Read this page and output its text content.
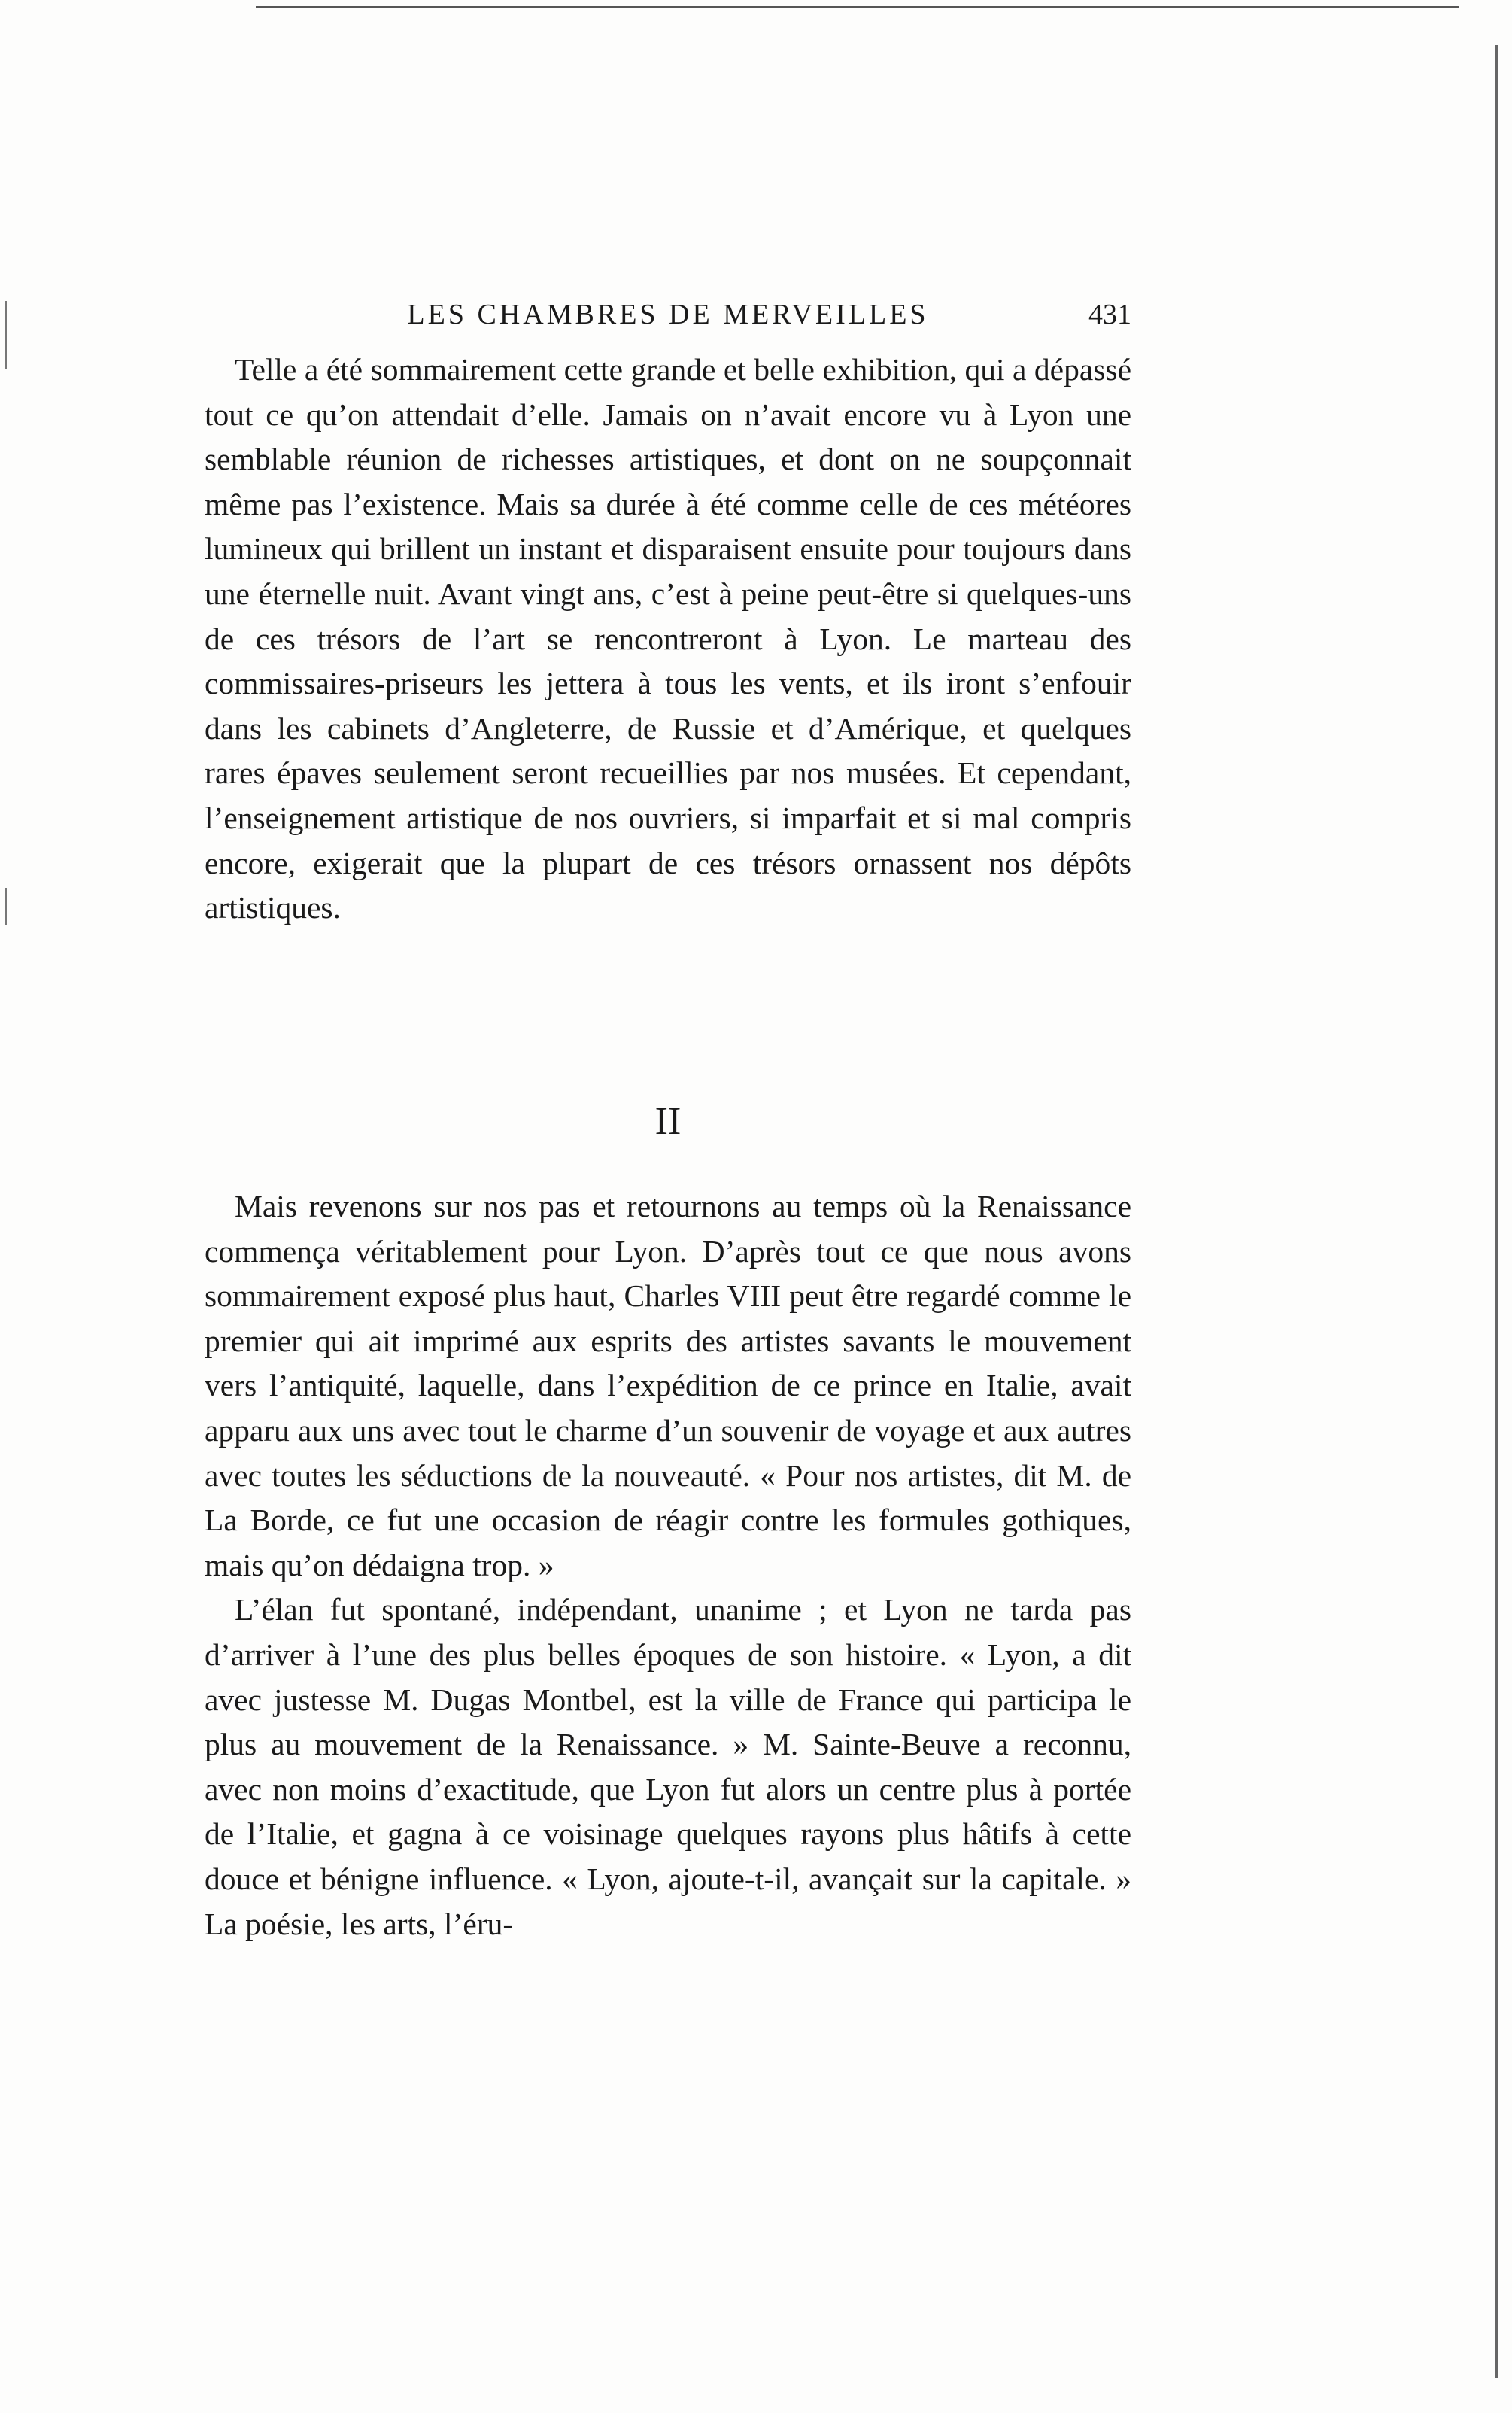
LES CHAMBRES DE MERVEILLES	431

Telle a été sommairement cette grande et belle exhibition, qui a dépassé tout ce qu’on attendait d’elle. Jamais on n’avait encore vu à Lyon une semblable réunion de richesses artistiques, et dont on ne soupçonnait même pas l’existence. Mais sa durée à été comme celle de ces météores lumineux qui brillent un instant et disparaisent ensuite pour toujours dans une éternelle nuit. Avant vingt ans, c’est à peine peut-être si quelques-uns de ces trésors de l’art se rencontreront à Lyon. Le marteau des commissaires-priseurs les jettera à tous les vents, et ils iront s’enfouir dans les cabinets d’Angleterre, de Russie et d’Amérique, et quelques rares épaves seulement seront recueillies par nos musées. Et cependant, l’enseignement artistique de nos ouvriers, si imparfait et si mal compris encore, exigerait que la plupart de ces trésors ornassent nos dépôts artistiques.

II

Mais revenons sur nos pas et retournons au temps où la Renaissance commença véritablement pour Lyon. D’après tout ce que nous avons sommairement exposé plus haut, Charles VIII peut être regardé comme le premier qui ait imprimé aux esprits des artistes savants le mouvement vers l’antiquité, laquelle, dans l’expédition de ce prince en Italie, avait apparu aux uns avec tout le charme d’un souvenir de voyage et aux autres avec toutes les séductions de la nouveauté. « Pour nos artistes, dit M. de La Borde, ce fut une occasion de réagir contre les formules gothiques, mais qu’on dédaigna trop. »

L’élan fut spontané, indépendant, unanime ; et Lyon ne tarda pas d’arriver à l’une des plus belles époques de son histoire. « Lyon, a dit avec justesse M. Dugas Montbel, est la ville de France qui participa le plus au mouvement de la Renaissance. » M. Sainte-Beuve a reconnu, avec non moins d’exactitude, que Lyon fut alors un centre plus à portée de l’Italie, et gagna à ce voisinage quelques rayons plus hâtifs à cette douce et bénigne influence. « Lyon, ajoute-t-il, avançait sur la capitale. » La poésie, les arts, l’éru-
